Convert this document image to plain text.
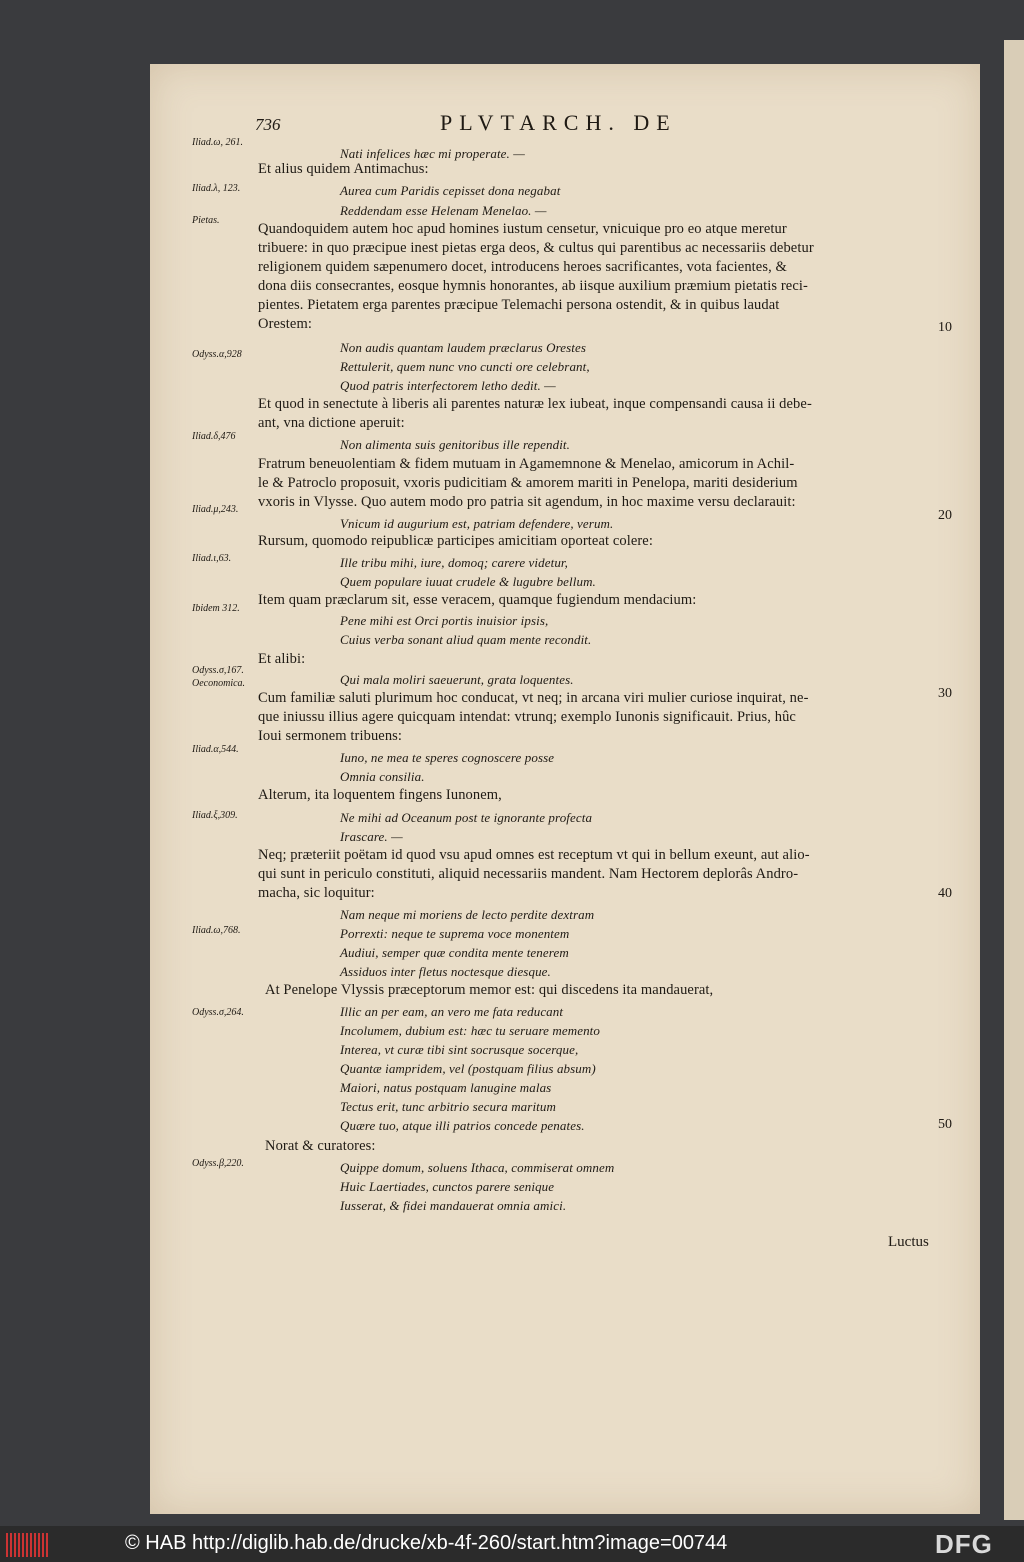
736	PLVTARCH. DE
Iliad.ω, 261.
Iliad.λ, 123.
Pietas.
Odyss.α,928
Iliad.δ,476
Iliad.μ,243.
Iliad.ι,63.
Ibidem 312.
Odyss.σ,167.
Oeconomica.
Iliad.α,544.
Iliad.ξ,309.
Iliad.ω,768.
Odyss.σ,264.
Odyss.β,220.
10
20
30
40
50
Nati infelices hæc mi properate. —
Et alius quidem Antimachus:
Aurea cum Paridis cepisset dona negabat
Reddendam esse Helenam Menelao. —
Quandoquidem autem hoc apud homines iustum censetur, vnicuique pro eo atque meretur
tribuere: in quo præcipue inest pietas erga deos, & cultus qui parentibus ac necessariis debetur
religionem quidem sæpenumero docet, introducens heroes sacrificantes, vota facientes, &
dona diis consecrantes, eosque hymnis honorantes, ab iisque auxilium præmium pietatis reci-
pientes. Pietatem erga parentes præcipue Telemachi persona ostendit, & in quibus laudat
Orestem:
Non audis quantam laudem præclarus Orestes
Rettulerit, quem nunc vno cuncti ore celebrant,
Quod patris interfectorem letho dedit. —
Et quod in senectute à liberis ali parentes naturæ lex iubeat, inque compensandi causa ii debe-
ant, vna dictione aperuit:
Non alimenta suis genitoribus ille rependit.
Fratrum beneuolentiam & fidem mutuam in Agamemnone & Menelao, amicorum in Achil-
le & Patroclo proposuit, vxoris pudicitiam & amorem mariti in Penelopa, mariti desiderium
vxoris in Vlysse. Quo autem modo pro patria sit agendum, in hoc maxime versu declarauit:
Vnicum id augurium est, patriam defendere, verum.
Rursum, quomodo reipublicæ participes amicitiam oporteat colere:
Ille tribu mihi, iure, domoq; carere videtur,
Quem populare iuuat crudele & lugubre bellum.
Item quam præclarum sit, esse veracem, quamque fugiendum mendacium:
Pene mihi est Orci portis inuisior ipsis,
Cuius verba sonant aliud quam mente recondit.
Et alibi:
Qui mala moliri saeuerunt, grata loquentes.
Cum familiæ saluti plurimum hoc conducat, vt neq; in arcana viri mulier curiose inquirat, ne-
que iniussu illius agere quicquam intendat: vtrunq; exemplo Iunonis significauit. Prius, hûc
Ioui sermonem tribuens:
Iuno, ne mea te speres cognoscere posse
Omnia consilia.
Alterum, ita loquentem fingens Iunonem,
Ne mihi ad Oceanum post te ignorante profecta
Irascare. —
Neq; præteriit poëtam id quod vsu apud omnes est receptum vt qui in bellum exeunt, aut alio-
qui sunt in periculo constituti, aliquid necessariis mandent. Nam Hectorem deplorâs Andro-
macha, sic loquitur:
Nam neque mi moriens de lecto perdite dextram
Porrexti: neque te suprema voce monentem
Audiui, semper quæ condita mente tenerem
Assiduos inter fletus noctesque diesque.
At Penelope Vlyssis præceptorum memor est: qui discedens ita mandauerat,
Illic an per eam, an vero me fata reducant
Incolumem, dubium est: hæc tu seruare memento
Interea, vt curæ tibi sint socrusque socerque,
Quantæ iampridem, vel (postquam filius absum)
Maiori, natus postquam lanugine malas
Tectus erit, tunc arbitrio secura maritum
Quære tuo, atque illi patrios concede penates.
Norat & curatores:
Quippe domum, soluens Ithaca, commiserat omnem
Huic Laertiades, cunctos parere senique
Iusserat, & fidei mandauerat omnia amici.
Luctus
© HAB http://diglib.hab.de/drucke/xb-4f-260/start.htm?image=00744	DFG
